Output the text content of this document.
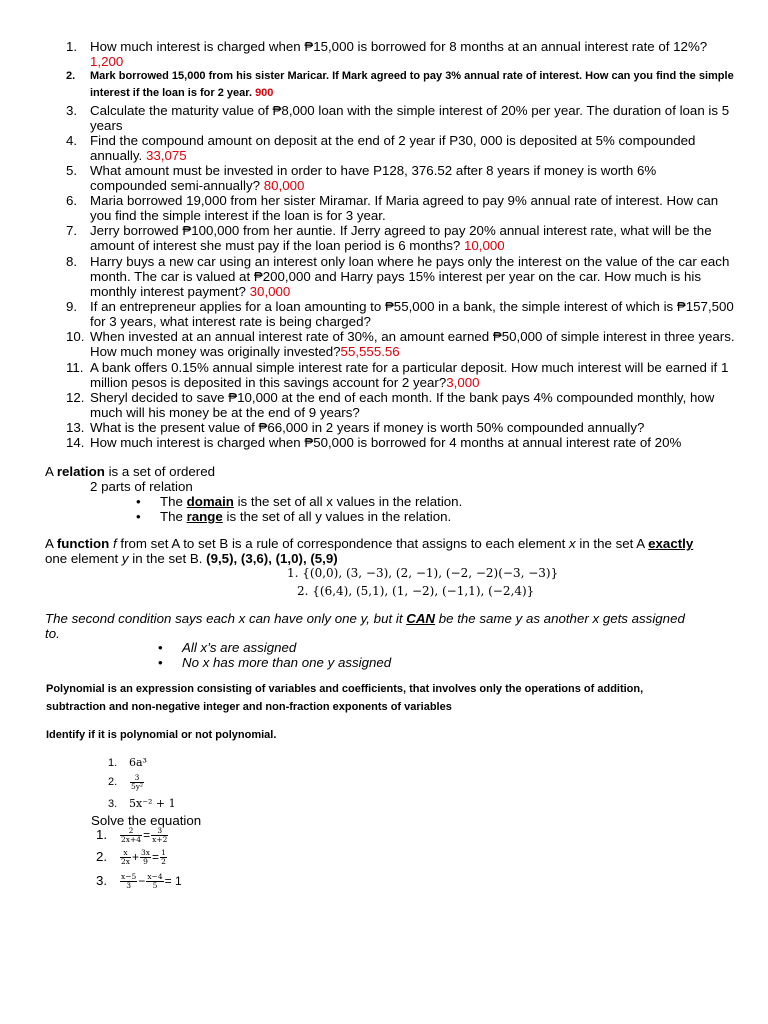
1. How much interest is charged when ₱15,000 is borrowed for 8 months at an annual interest rate of 12%?1,200
2.	Mark borrowed 15,000 from his sister Maricar. If Mark agreed to pay 3% annual rate of interest. How can you find the simple interest if the loan is for 2 year. 900
3. Calculate the maturity value of ₱8,000 loan with the simple interest of 20% per year. The duration of loan is 5 years
4. Find the compound amount on deposit at the end of 2 year if P30, 000 is deposited at 5% compounded annually. 33,075
5. What amount must be invested in order to have P128, 376.52 after 8 years if money is worth 6% compounded semi-annually? 80,000
6. Maria borrowed 19,000 from her sister Miramar. If Maria agreed to pay 9% annual rate of interest. How can you find the simple interest if the loan is for 3 year.
7. Jerry borrowed ₱100,000 from her auntie. If Jerry agreed to pay 20% annual interest rate, what will be the amount of interest she must pay if the loan period is 6 months? 10,000
8. Harry buys a new car using an interest only loan where he pays only the interest on the value of the car each month. The car is valued at ₱200,000 and Harry pays 15% interest per year on the car. How much is his monthly interest payment? 30,000
9. If an entrepreneur applies for a loan amounting to ₱55,000 in a bank, the simple interest of which is ₱157,500 for 3 years, what interest rate is being charged?
10. When invested at an annual interest rate of 30%, an amount earned ₱50,000 of simple interest in three years. How much money was originally invested?55,555.56
11. A bank offers 0.15% annual simple interest rate for a particular deposit. How much interest will be earned if 1 million pesos is deposited in this savings account for 2 year?3,000
12. Sheryl decided to save ₱10,000 at the end of each month. If the bank pays 4% compounded monthly, how much will his money be at the end of 9 years?
13. What is the present value of ₱66,000 in 2 years if money is worth 50% compounded annually?
14. How much interest is charged when ₱50,000 is borrowed for 4 months at annual interest rate of 20%
A relation is a set of ordered
2 parts of relation
• The domain is the set of all x values in the relation.
• The range is the set of all y values in the relation.
A function f from set A to set B is a rule of correspondence that assigns to each element x in the set A exactly
one element y in the set B. (9,5), (3,6), (1,0), (5,9)
1. {(0,0), (3, −3), (2, −1), (−2, −2)(−3, −3)}
2. {(6,4), (5,1), (1, −2), (−1,1), (−2,4)}
The second condition says each x can have only one y, but it CAN be the same y as another x gets assigned
to.
• All x’s are assigned
• No x has more than one y assigned
Polynomial is an expression consisting of variables and coefficients, that involves only the operations of addition,
subtraction and non-negative integer and non-fraction exponents of variables
Identify if it is polynomial or not polynomial.
1. 6a³
2. $\frac{3}{\text{5y²}}$
3. 5x⁻² + 1
Solve the equation
1. $\frac{2}{2x+4} = \frac{3}{x+2}$
2. $\frac{x}{2x} + \frac{3x}{9} = \frac{1}{2}$
3. $\frac{x-5}{3} - \frac{x-4}{5} = 1$
